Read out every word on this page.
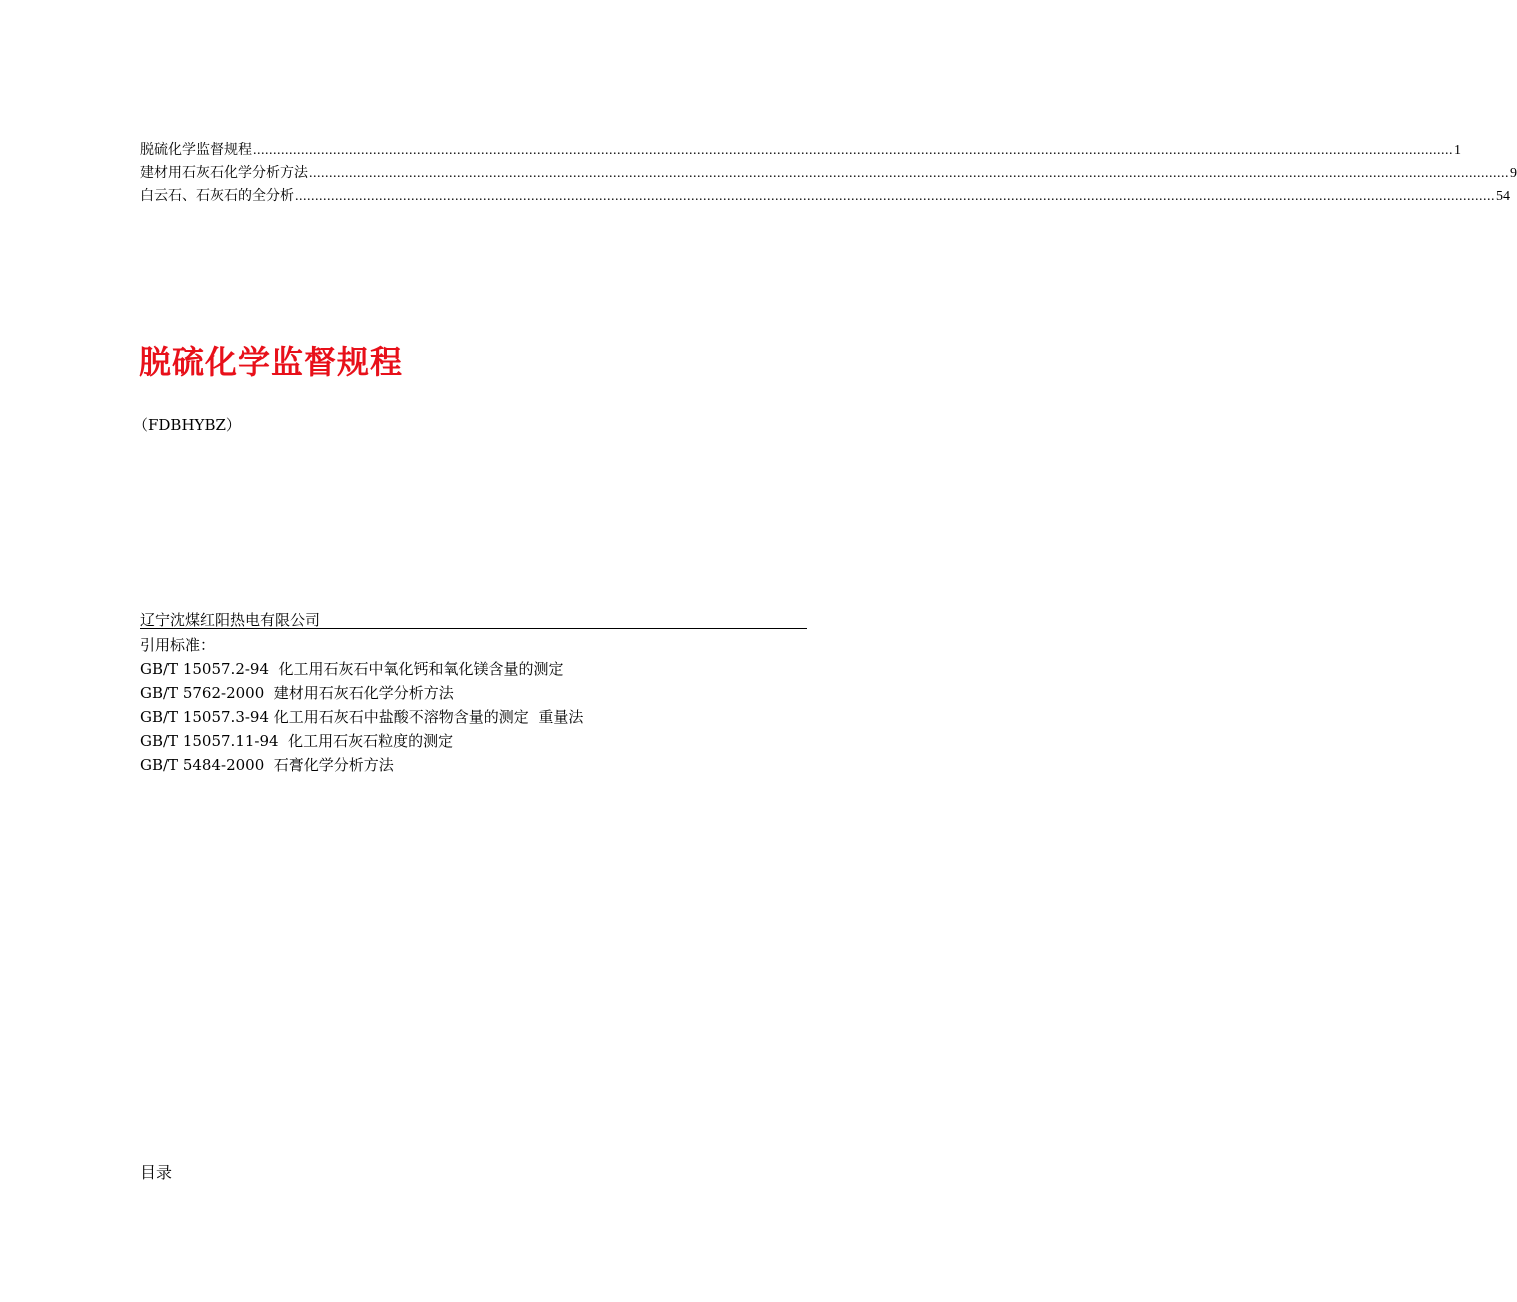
脱硫化学监督规程 ............................................................................................................................................................................................................................................................................................................ 1
建材用石灰石化学分析方法 ............................................................................................................................................................................................................................................................................................................ 9
白云石、石灰石的全分析 ............................................................................................................................................................................................................................................................................................................ 54
脱硫化学监督规程
（FDBHYBZ）
辽宁沈煤红阳热电有限公司
引用标准：
GB/T 15057.2-94  化工用石灰石中氧化钙和氧化镁含量的测定
GB/T 5762-2000  建材用石灰石化学分析方法
GB/T 15057.3-94 化工用石灰石中盐酸不溶物含量的测定  重量法
GB/T 15057.11-94  化工用石灰石粒度的测定
GB/T 5484-2000  石膏化学分析方法
目录
